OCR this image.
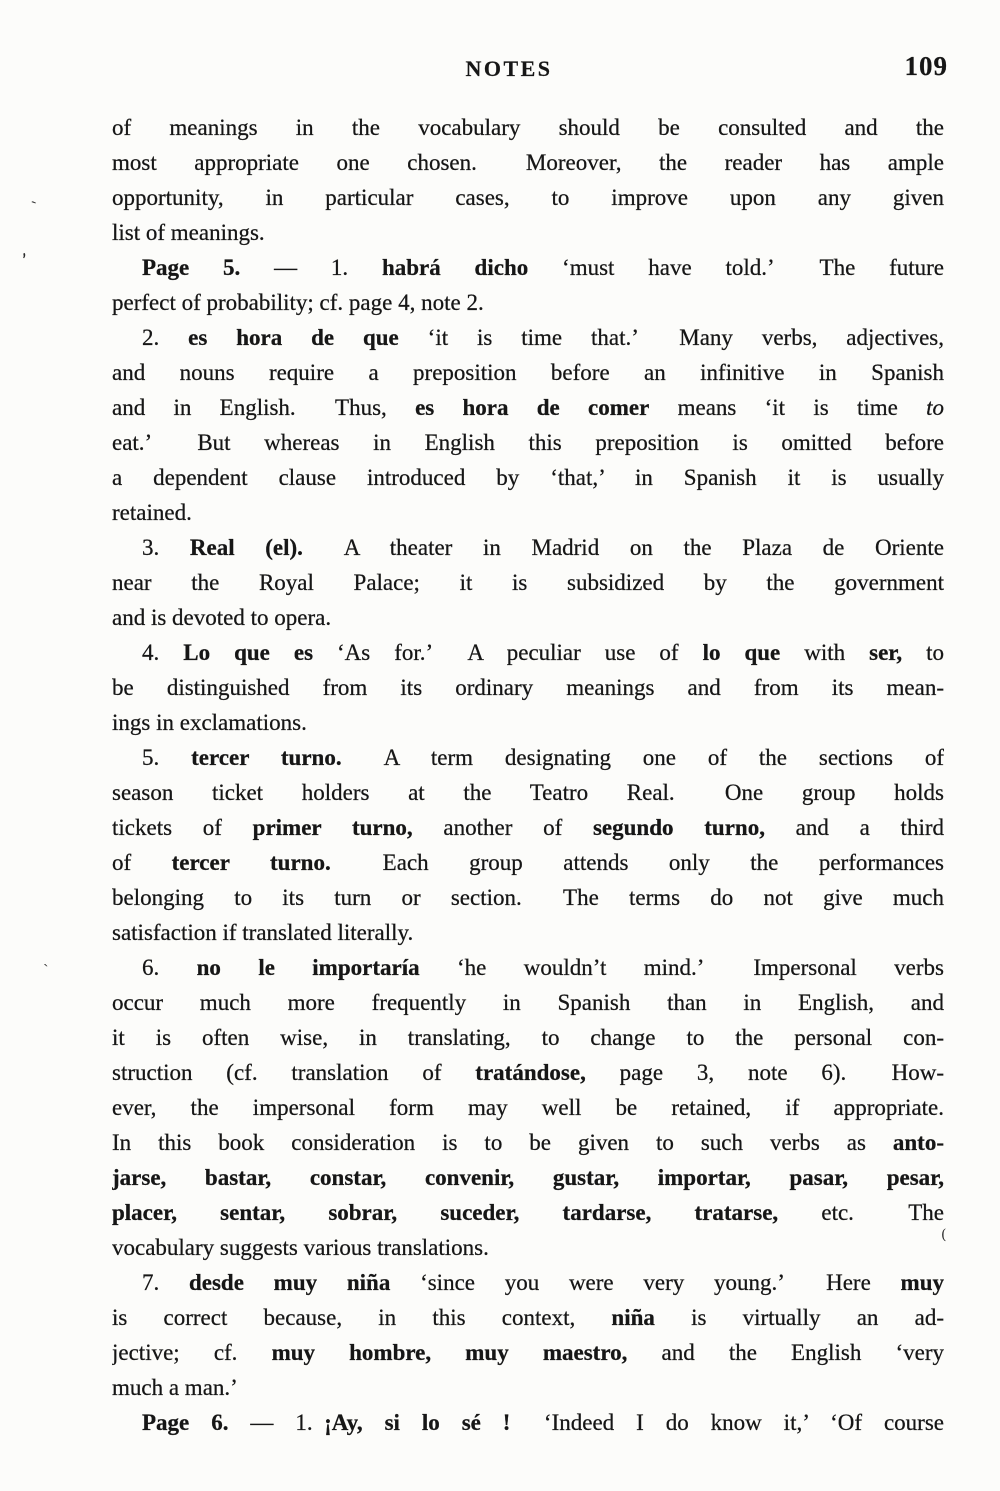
NOTES	109
of meanings in the vocabulary should be consulted and the
most appropriate one chosen.  Moreover, the reader has ample
opportunity, in particular cases, to improve upon any given
list of meanings.
Page 5. — 1. habrá dicho ‘must have told.’  The future
perfect of probability; cf. page 4, note 2.
2. es hora de que ‘it is time that.’  Many verbs, adjectives,
and nouns require a preposition before an infinitive in Spanish
and in English.  Thus, es hora de comer means ‘it is time to
eat.’  But whereas in English this preposition is omitted before
a dependent clause introduced by ‘that,’ in Spanish it is usually
retained.
3. Real (el).  A theater in Madrid on the Plaza de Oriente
near the Royal Palace; it is subsidized by the government
and is devoted to opera.
4. Lo que es ‘As for.’  A peculiar use of lo que with ser, to
be distinguished from its ordinary meanings and from its mean-
ings in exclamations.
5. tercer turno.  A term designating one of the sections of
season ticket holders at the Teatro Real.  One group holds
tickets of primer turno, another of segundo turno, and a third
of tercer turno.  Each group attends only the performances
belonging to its turn or section.  The terms do not give much
satisfaction if translated literally.
6. no le importaría ‘he wouldn’t mind.’  Impersonal verbs
occur much more frequently in Spanish than in English, and
it is often wise, in translating, to change to the personal con-
struction (cf. translation of tratándose, page 3, note 6).  How-
ever, the impersonal form may well be retained, if appropriate.
In this book consideration is to be given to such verbs as anto-
jarse, bastar, constar, convenir, gustar, importar, pasar, pesar,
placer, sentar, sobrar, suceder, tardarse, tratarse, etc.  The
vocabulary suggests various translations.
7. desde muy niña ‘since you were very young.’  Here muy
is correct because, in this context, niña is virtually an ad-
jective; cf. muy hombre, muy maestro, and the English ‘very
much a man.’
Page 6. — 1. ¡Ay, si lo sé !  ‘Indeed I do know it,’ ‘Of course
`
’
`
(
